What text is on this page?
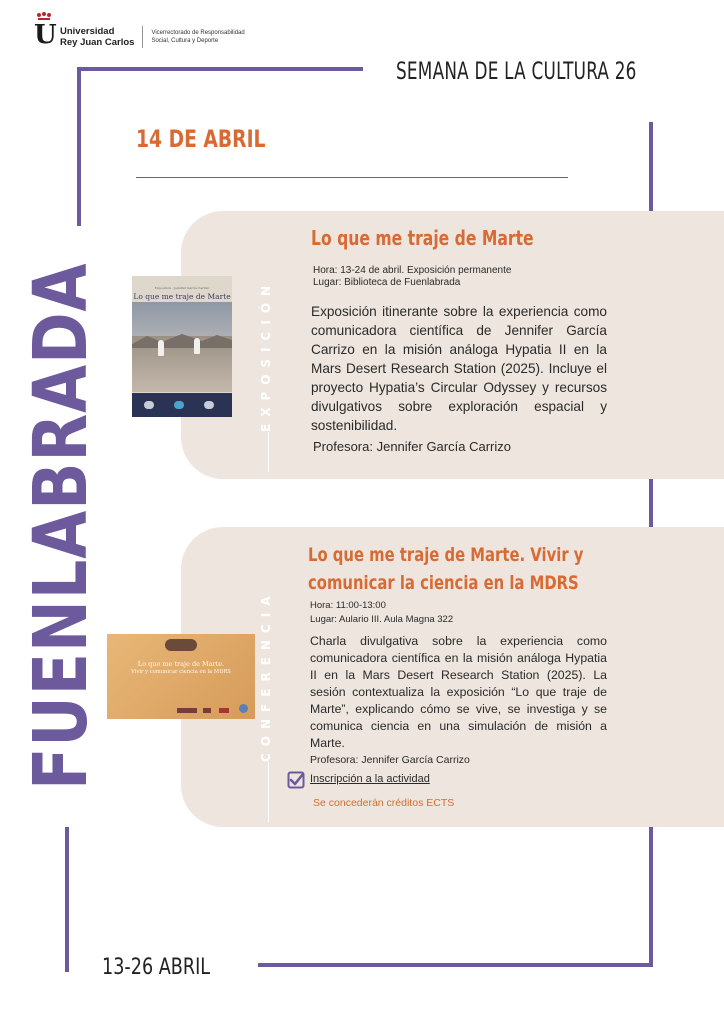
U Universidad
Rey Juan Carlos
Vicerrectorado de Responsabilidad
Social, Cultura y Deporte
SEMANA DE LA CULTURA 26
FUENLABRADA
14 DE ABRIL
EXPOSICIÓN
Exposición · Jennifer García Carrizo
Lo que me traje de Marte
Lo que me traje de Marte
Hora: 13-24 de abril. Exposición permanente
Lugar: Biblioteca de Fuenlabrada
Exposición itinerante sobre la experiencia como comunicadora científica de Jennifer García Carrizo en la misión análoga Hypatia II en la Mars Desert Research Station (2025). Incluye el proyecto Hypatia’s Circular Odyssey y recursos divulgativos sobre exploración espacial y sostenibilidad.
Profesora: Jennifer García Carrizo
CONFERENCIA
Lo que me traje de Marte.
Vivir y comunicar ciencia en la MDRS
Lo que me traje de Marte. Vivir y
comunicar la ciencia en la MDRS
Hora: 11:00-13:00
Lugar: Aulario III. Aula Magna 322
Charla divulgativa sobre la experiencia como comunicadora científica en la misión análoga Hypatia II en la Mars Desert Research Station (2025). La sesión contextualiza la exposición “Lo que traje de Marte”, explicando cómo se vive, se investiga y se comunica ciencia en una simulación de misión a Marte.
Profesora: Jennifer García Carrizo
Inscripción a la actividad
Se concederán créditos ECTS
13-26 ABRIL
